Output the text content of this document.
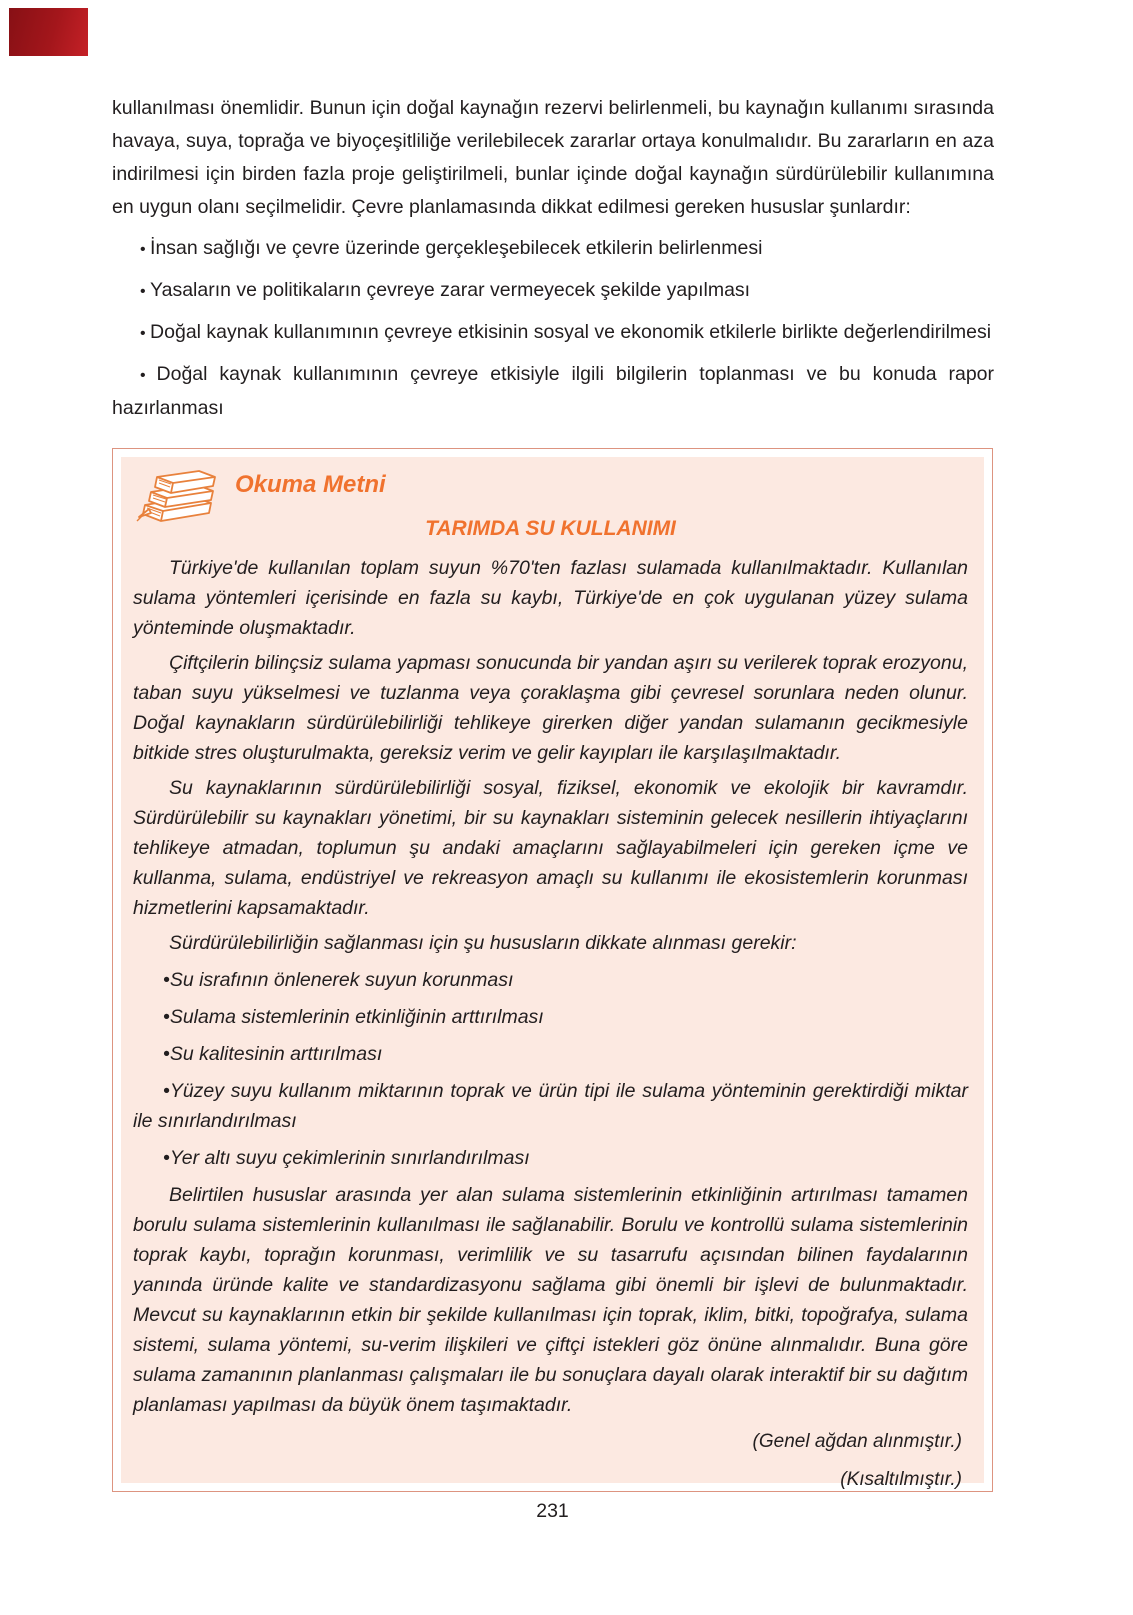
kullanılması önemlidir. Bunun için doğal kaynağın rezervi belirlenmeli, bu kaynağın kullanımı sırasında havaya, suya, toprağa ve biyoçeşitliliğe verilebilecek zararlar ortaya konulmalıdır. Bu zararların en aza indirilmesi için birden fazla proje geliştirilmeli, bunlar içinde doğal kaynağın sürdürülebilir kullanımına en uygun olanı seçilmelidir. Çevre planlamasında dikkat edilmesi gereken hususlar şunlardır:

• İnsan sağlığı ve çevre üzerinde gerçekleşebilecek etkilerin belirlenmesi

• Yasaların ve politikaların çevreye zarar vermeyecek şekilde yapılması

• Doğal kaynak kullanımının çevreye etkisinin sosyal ve ekonomik etkilerle birlikte değerlendirilmesi

• Doğal kaynak kullanımının çevreye etkisiyle ilgili bilgilerin toplanması ve bu konuda rapor hazırlanması

Okuma Metni
TARIMDA SU KULLANIMI

Türkiye'de kullanılan toplam suyun %70'ten fazlası sulamada kullanılmaktadır. Kullanılan sulama yöntemleri içerisinde en fazla su kaybı, Türkiye'de en çok uygulanan yüzey sulama yönteminde oluşmaktadır.

Çiftçilerin bilinçsiz sulama yapması sonucunda bir yandan aşırı su verilerek toprak erozyonu, taban suyu yükselmesi ve tuzlanma veya çoraklaşma gibi çevresel sorunlara neden olunur. Doğal kaynakların sürdürülebilirliği tehlikeye girerken diğer yandan sulamanın gecikmesiyle bitkide stres oluşturulmakta, gereksiz verim ve gelir kayıpları ile karşılaşılmaktadır.

Su kaynaklarının sürdürülebilirliği sosyal, fiziksel, ekonomik ve ekolojik bir kavramdır. Sürdürülebilir su kaynakları yönetimi, bir su kaynakları sisteminin gelecek nesillerin ihtiyaçlarını tehlikeye atmadan, toplumun şu andaki amaçlarını sağlayabilmeleri için gereken içme ve kullanma, sulama, endüstriyel ve rekreasyon amaçlı su kullanımı ile ekosistemlerin korunması hizmetlerini kapsamaktadır.

Sürdürülebilirliğin sağlanması için şu hususların dikkate alınması gerekir:

• Su israfının önlenerek suyun korunması

• Sulama sistemlerinin etkinliğinin arttırılması

• Su kalitesinin arttırılması

• Yüzey suyu kullanım miktarının toprak ve ürün tipi ile sulama yönteminin gerektirdiği miktar ile sınırlandırılması

• Yer altı suyu çekimlerinin sınırlandırılması

Belirtilen hususlar arasında yer alan sulama sistemlerinin etkinliğinin artırılması tamamen borulu sulama sistemlerinin kullanılması ile sağlanabilir. Borulu ve kontrollü sulama sistemlerinin toprak kaybı, toprağın korunması, verimlilik ve su tasarrufu açısından bilinen faydalarının yanında üründe kalite ve standardizasyonu sağlama gibi önemli bir işlevi de bulunmaktadır. Mevcut su kaynaklarının etkin bir şekilde kullanılması için toprak, iklim, bitki, topoğrafya, sulama sistemi, sulama yöntemi, su-verim ilişkileri ve çiftçi istekleri göz önüne alınmalıdır. Buna göre sulama zamanının planlanması çalışmaları ile bu sonuçlara dayalı olarak interaktif bir su dağıtım planlaması yapılması da büyük önem taşımaktadır.

(Genel ağdan alınmıştır.)

(Kısaltılmıştır.)

231
